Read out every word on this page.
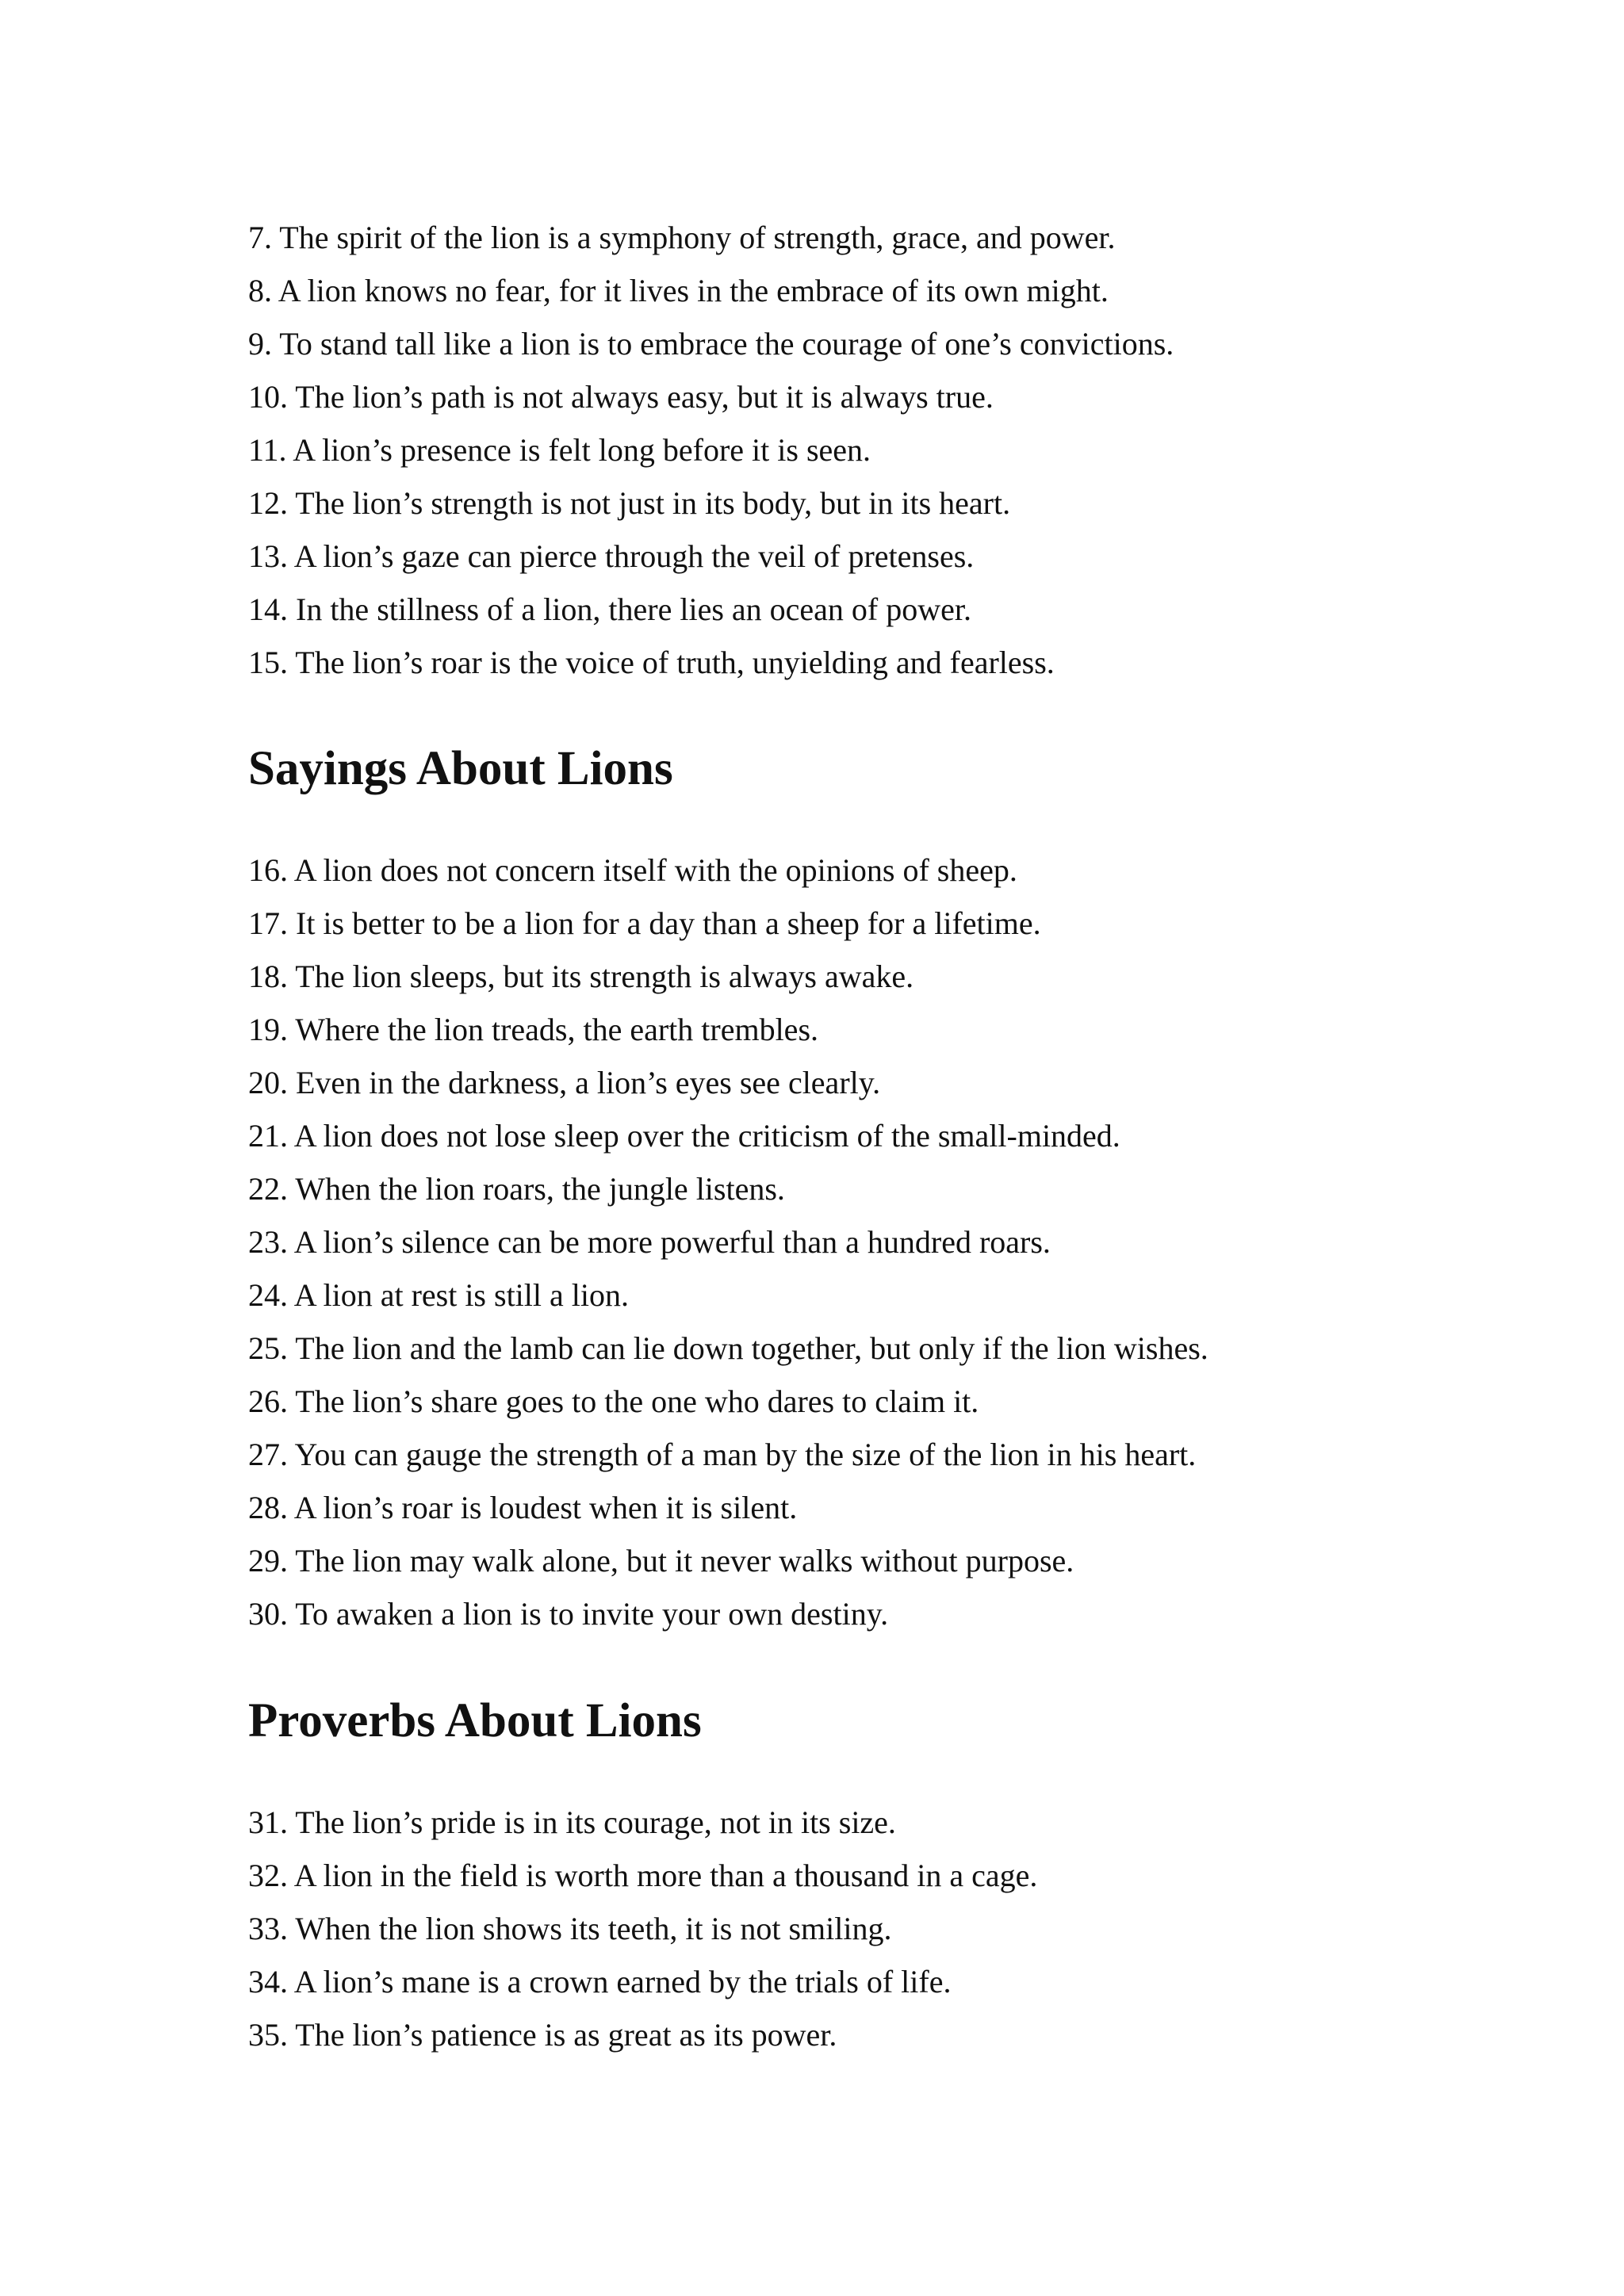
7. The spirit of the lion is a symphony of strength, grace, and power.

8. A lion knows no fear, for it lives in the embrace of its own might.

9. To stand tall like a lion is to embrace the courage of one’s convictions.

10. The lion’s path is not always easy, but it is always true.

11. A lion’s presence is felt long before it is seen.

12. The lion’s strength is not just in its body, but in its heart.

13. A lion’s gaze can pierce through the veil of pretenses.

14. In the stillness of a lion, there lies an ocean of power.

15. The lion’s roar is the voice of truth, unyielding and fearless.

Sayings About Lions

16. A lion does not concern itself with the opinions of sheep.

17. It is better to be a lion for a day than a sheep for a lifetime.

18. The lion sleeps, but its strength is always awake.

19. Where the lion treads, the earth trembles.

20. Even in the darkness, a lion’s eyes see clearly.

21. A lion does not lose sleep over the criticism of the small-minded.

22. When the lion roars, the jungle listens.

23. A lion’s silence can be more powerful than a hundred roars.

24. A lion at rest is still a lion.

25. The lion and the lamb can lie down together, but only if the lion wishes.

26. The lion’s share goes to the one who dares to claim it.

27. You can gauge the strength of a man by the size of the lion in his heart.

28. A lion’s roar is loudest when it is silent.

29. The lion may walk alone, but it never walks without purpose.

30. To awaken a lion is to invite your own destiny.

Proverbs About Lions

31. The lion’s pride is in its courage, not in its size.

32. A lion in the field is worth more than a thousand in a cage.

33. When the lion shows its teeth, it is not smiling.

34. A lion’s mane is a crown earned by the trials of life.

35. The lion’s patience is as great as its power.
